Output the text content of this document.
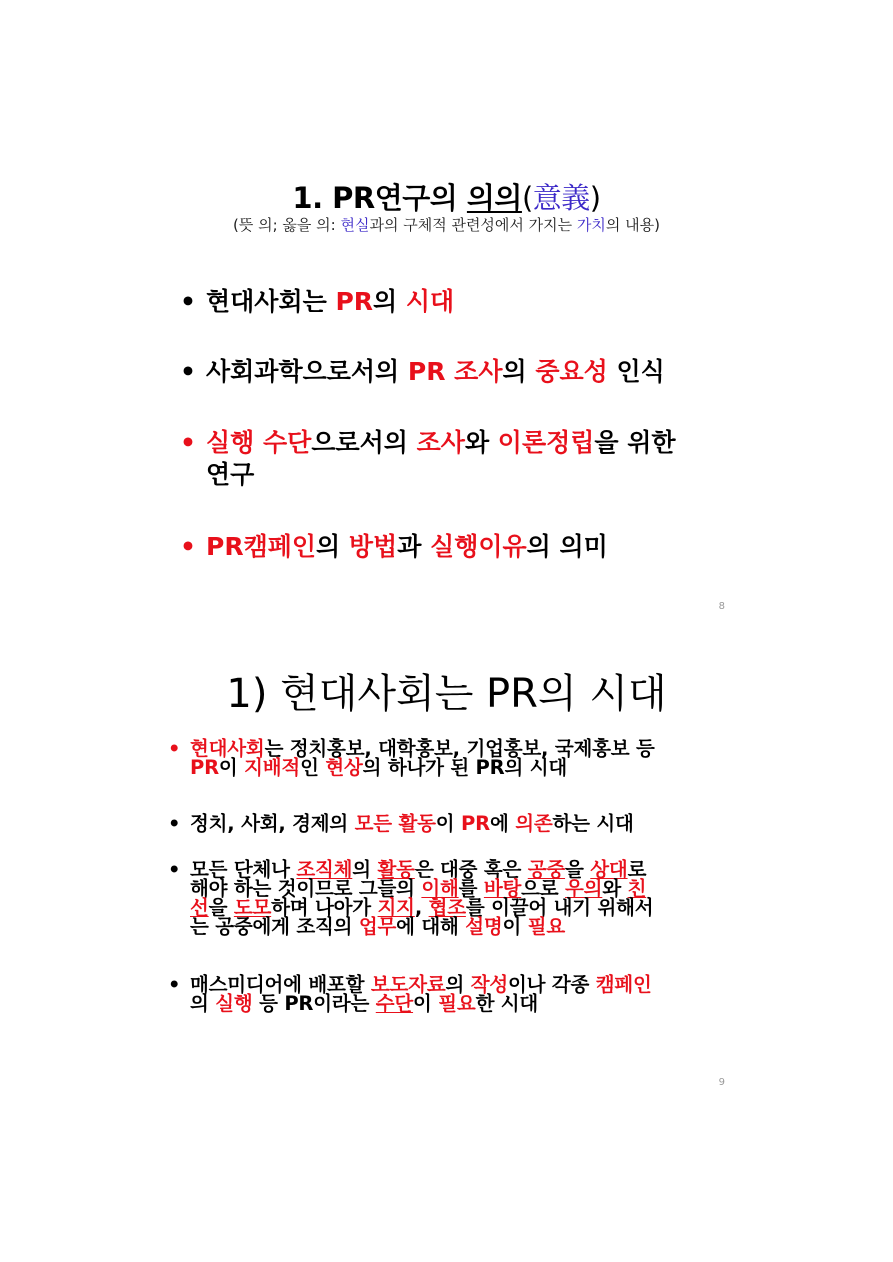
1. PR연구의 의의(意義)
(뜻 의; 옳을 의: 현실과의 구체적 관련성에서 가지는 가치의 내용)
• 현대사회는 PR의 시대
• 사회과학으로서의 PR 조사의 중요성 인식
• 실행 수단으로서의 조사와 이론정립을 위한
연구
• PR캠페인의 방법과 실행이유의 의미
8
1) 현대사회는 PR의 시대
• 현대사회는 정치홍보, 대학홍보, 기업홍보, 국제홍보 등
PR이 지배적인 현상의 하나가 된 PR의 시대
• 정치, 사회, 경제의 모든 활동이 PR에 의존하는 시대
• 모든 단체나 조직체의 활동은 대중 혹은 공중을 상대로
해야 하는 것이므로 그들의 이해를 바탕으로 우의와 친
선을 도모하며 나아가 지지, 협조를 이끌어 내기 위해서
는 공중에게 조직의 업무에 대해 설명이 필요
• 매스미디어에 배포할 보도자료의 작성이나 각종 캠페인
의 실행 등 PR이라는 수단이 필요한 시대
9
